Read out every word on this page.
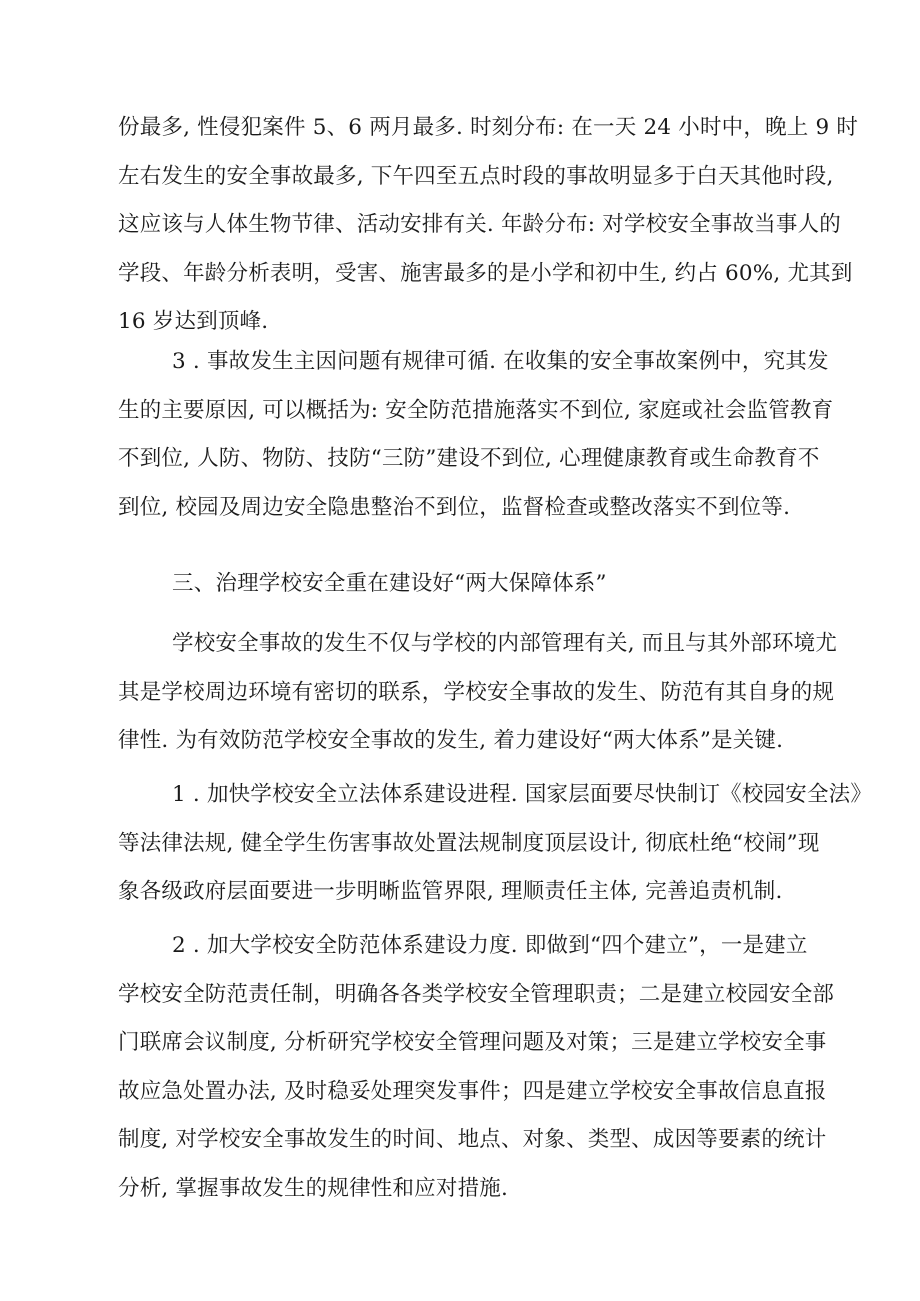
份最多, 性侵犯案件 5、6 两月最多. 时刻分布: 在一天 24 小时中，晚上 9 时
左右发生的安全事故最多, 下午四至五点时段的事故明显多于白天其他时段,
这应该与人体生物节律、活动安排有关. 年龄分布: 对学校安全事故当事人的
学段、年龄分析表明，受害、施害最多的是小学和初中生, 约占 60%, 尤其到
16 岁达到顶峰.
3 . 事故发生主因问题有规律可循. 在收集的安全事故案例中，究其发
生的主要原因, 可以概括为: 安全防范措施落实不到位, 家庭或社会监管教育
不到位, 人防、物防、技防“三防”建设不到位, 心理健康教育或生命教育不
到位, 校园及周边安全隐患整治不到位，监督检查或整改落实不到位等.
三、治理学校安全重在建设好“两大保障体系”
学校安全事故的发生不仅与学校的内部管理有关, 而且与其外部环境尤
其是学校周边环境有密切的联系，学校安全事故的发生、防范有其自身的规
律性. 为有效防范学校安全事故的发生, 着力建设好“两大体系”是关键.
1 . 加快学校安全立法体系建设进程. 国家层面要尽快制订《校园安全法》
等法律法规, 健全学生伤害事故处置法规制度顶层设计, 彻底杜绝“校闹”现
象各级政府层面要进一步明晰监管界限, 理顺责任主体, 完善追责机制.
2 . 加大学校安全防范体系建设力度. 即做到“四个建立”，一是建立
学校安全防范责任制，明确各各类学校安全管理职责；二是建立校园安全部
门联席会议制度, 分析研究学校安全管理问题及对策；三是建立学校安全事
故应急处置办法, 及时稳妥处理突发事件；四是建立学校安全事故信息直报
制度, 对学校安全事故发生的时间、地点、对象、类型、成因等要素的统计
分析, 掌握事故发生的规律性和应对措施.
